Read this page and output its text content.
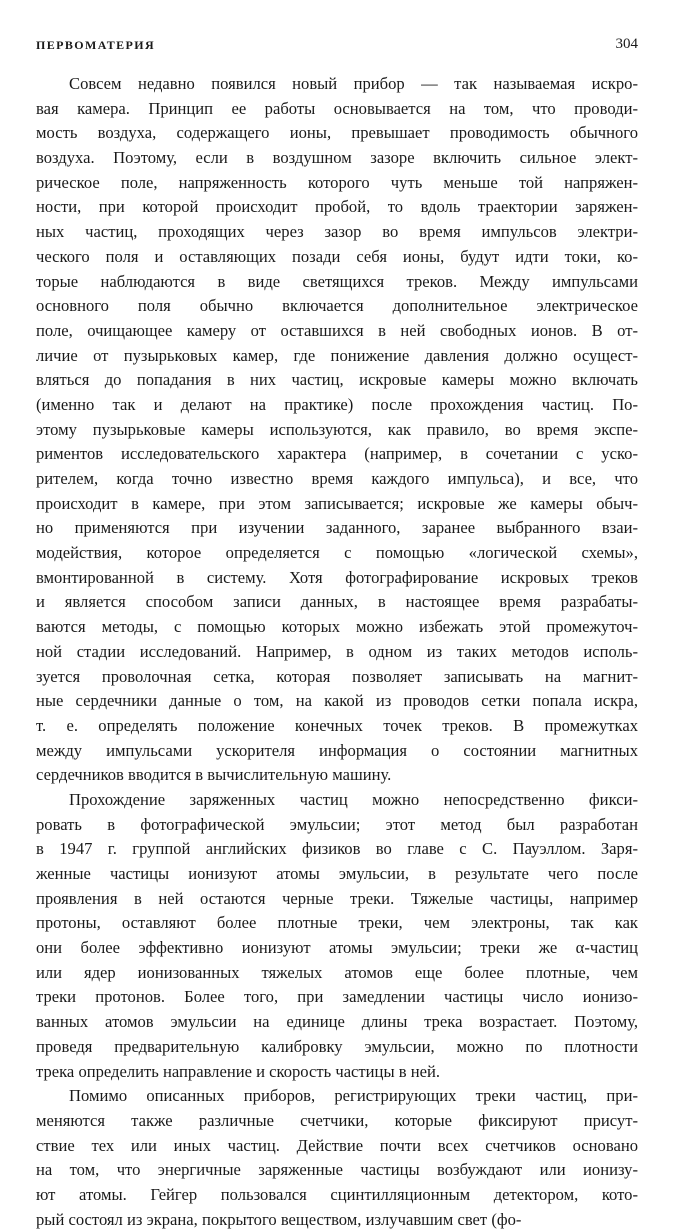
ПЕРВОМАТЕРИЯ	304
Совсем недавно появился новый прибор — так называемая искро-
вая камера. Принцип ее работы основывается на том, что проводи-
мость воздуха, содержащего ионы, превышает проводимость обычного
воздуха. Поэтому, если в воздушном зазоре включить сильное элект-
рическое поле, напряженность которого чуть меньше той напряжен-
ности, при которой происходит пробой, то вдоль траектории заряжен-
ных частиц, проходящих через зазор во время импульсов электри-
ческого поля и оставляющих позади себя ионы, будут идти токи, ко-
торые наблюдаются в виде светящихся треков. Между импульсами
основного поля обычно включается дополнительное электрическое
поле, очищающее камеру от оставшихся в ней свободных ионов. В от-
личие от пузырьковых камер, где понижение давления должно осущест-
вляться до попадания в них частиц, искровые камеры можно включать
(именно так и делают на практике) после прохождения частиц. По-
этому пузырьковые камеры используются, как правило, во время экспе-
риментов исследовательского характера (например, в сочетании с уско-
рителем, когда точно известно время каждого импульса), и все, что
происходит в камере, при этом записывается; искровые же камеры обыч-
но применяются при изучении заданного, заранее выбранного взаи-
модействия, которое определяется с помощью «логической схемы»,
вмонтированной в систему. Хотя фотографирование искровых треков
и является способом записи данных, в настоящее время разрабаты-
ваются методы, с помощью которых можно избежать этой промежуточ-
ной стадии исследований. Например, в одном из таких методов исполь-
зуется проволочная сетка, которая позволяет записывать на магнит-
ные сердечники данные о том, на какой из проводов сетки попала искра,
т. е. определять положение конечных точек треков. В промежутках
между импульсами ускорителя информация о состоянии магнитных
сердечников вводится в вычислительную машину.
Прохождение заряженных частиц можно непосредственно фикси-
ровать в фотографической эмульсии; этот метод был разработан
в 1947 г. группой английских физиков во главе с С. Пауэллом. Заря-
женные частицы ионизуют атомы эмульсии, в результате чего после
проявления в ней остаются черные треки. Тяжелые частицы, например
протоны, оставляют более плотные треки, чем электроны, так как
они более эффективно ионизуют атомы эмульсии; треки же α-частиц
или ядер ионизованных тяжелых атомов еще более плотные, чем
треки протонов. Более того, при замедлении частицы число ионизо-
ванных атомов эмульсии на единице длины трека возрастает. Поэтому,
проведя предварительную калибровку эмульсии, можно по плотности
трека определить направление и скорость частицы в ней.
Помимо описанных приборов, регистрирующих треки частиц, при-
меняются также различные счетчики, которые фиксируют присут-
ствие тех или иных частиц. Действие почти всех счетчиков основано
на том, что энергичные заряженные частицы возбуждают или ионизу-
ют атомы. Гейгер пользовался сцинтилляционным детектором, кото-
рый состоял из экрана, покрытого веществом, излучавшим свет (фо-
